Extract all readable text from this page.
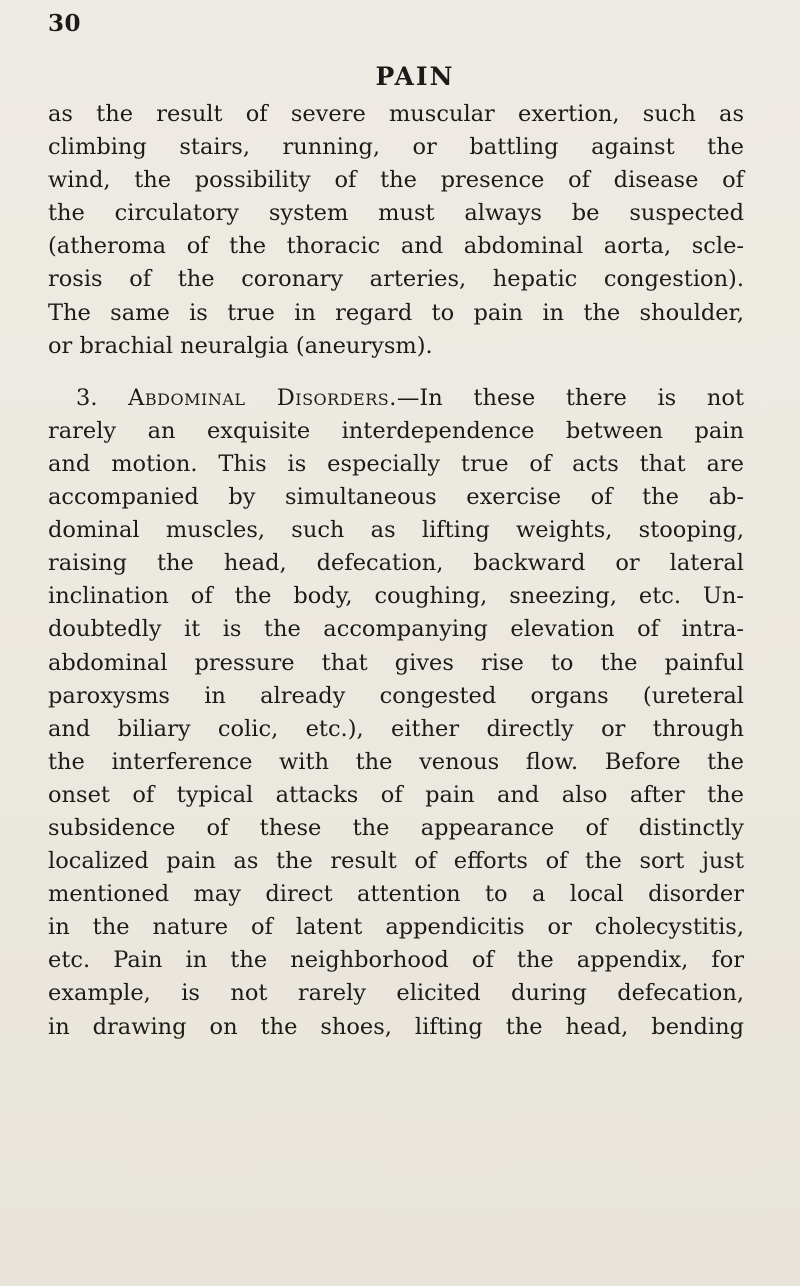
30
PAIN
as the result of severe muscular exertion, such as
climbing stairs, running, or battling against the
wind, the possibility of the presence of disease of
the circulatory system must always be suspected
(atheroma of the thoracic and abdominal aorta, scle-
rosis of the coronary arteries, hepatic congestion).
The same is true in regard to pain in the shoulder,
or brachial neuralgia (aneurysm).
3. Abdominal Disorders.—In these there is not
rarely an exquisite interdependence between pain
and motion. This is especially true of acts that are
accompanied by simultaneous exercise of the ab-
dominal muscles, such as lifting weights, stooping,
raising the head, defecation, backward or lateral
inclination of the body, coughing, sneezing, etc. Un-
doubtedly it is the accompanying elevation of intra-
abdominal pressure that gives rise to the painful
paroxysms in already congested organs (ureteral
and biliary colic, etc.), either directly or through
the interference with the venous flow. Before the
onset of typical attacks of pain and also after the
subsidence of these the appearance of distinctly
localized pain as the result of efforts of the sort just
mentioned may direct attention to a local disorder
in the nature of latent appendicitis or cholecystitis,
etc. Pain in the neighborhood of the appendix, for
example, is not rarely elicited during defecation,
in drawing on the shoes, lifting the head, bending
